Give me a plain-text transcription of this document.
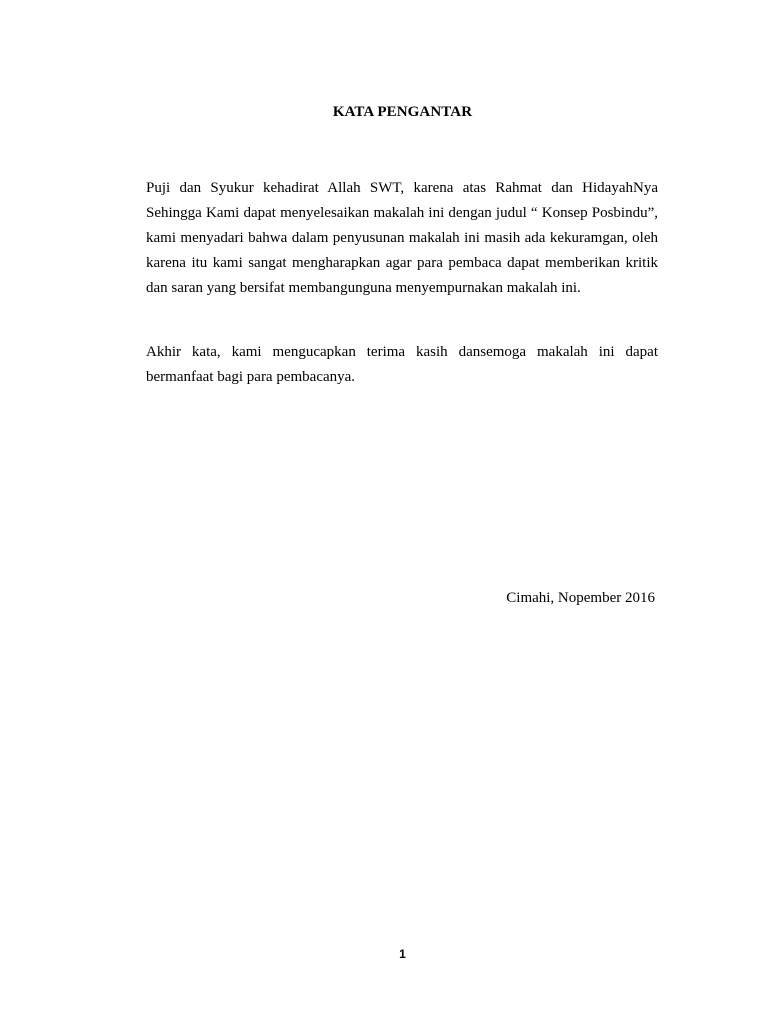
KATA PENGANTAR

Puji dan Syukur kehadirat Allah SWT, karena atas Rahmat dan HidayahNya Sehingga Kami dapat menyelesaikan makalah ini dengan judul “ Konsep Posbindu”, kami menyadari bahwa dalam penyusunan makalah ini masih ada kekuramgan, oleh karena itu kami sangat mengharapkan agar para pembaca dapat memberikan kritik dan saran yang bersifat membangunguna menyempurnakan makalah ini.

Akhir kata, kami mengucapkan terima kasih dansemoga makalah ini dapat bermanfaat bagi para pembacanya.

Cimahi, Nopember 2016

1
